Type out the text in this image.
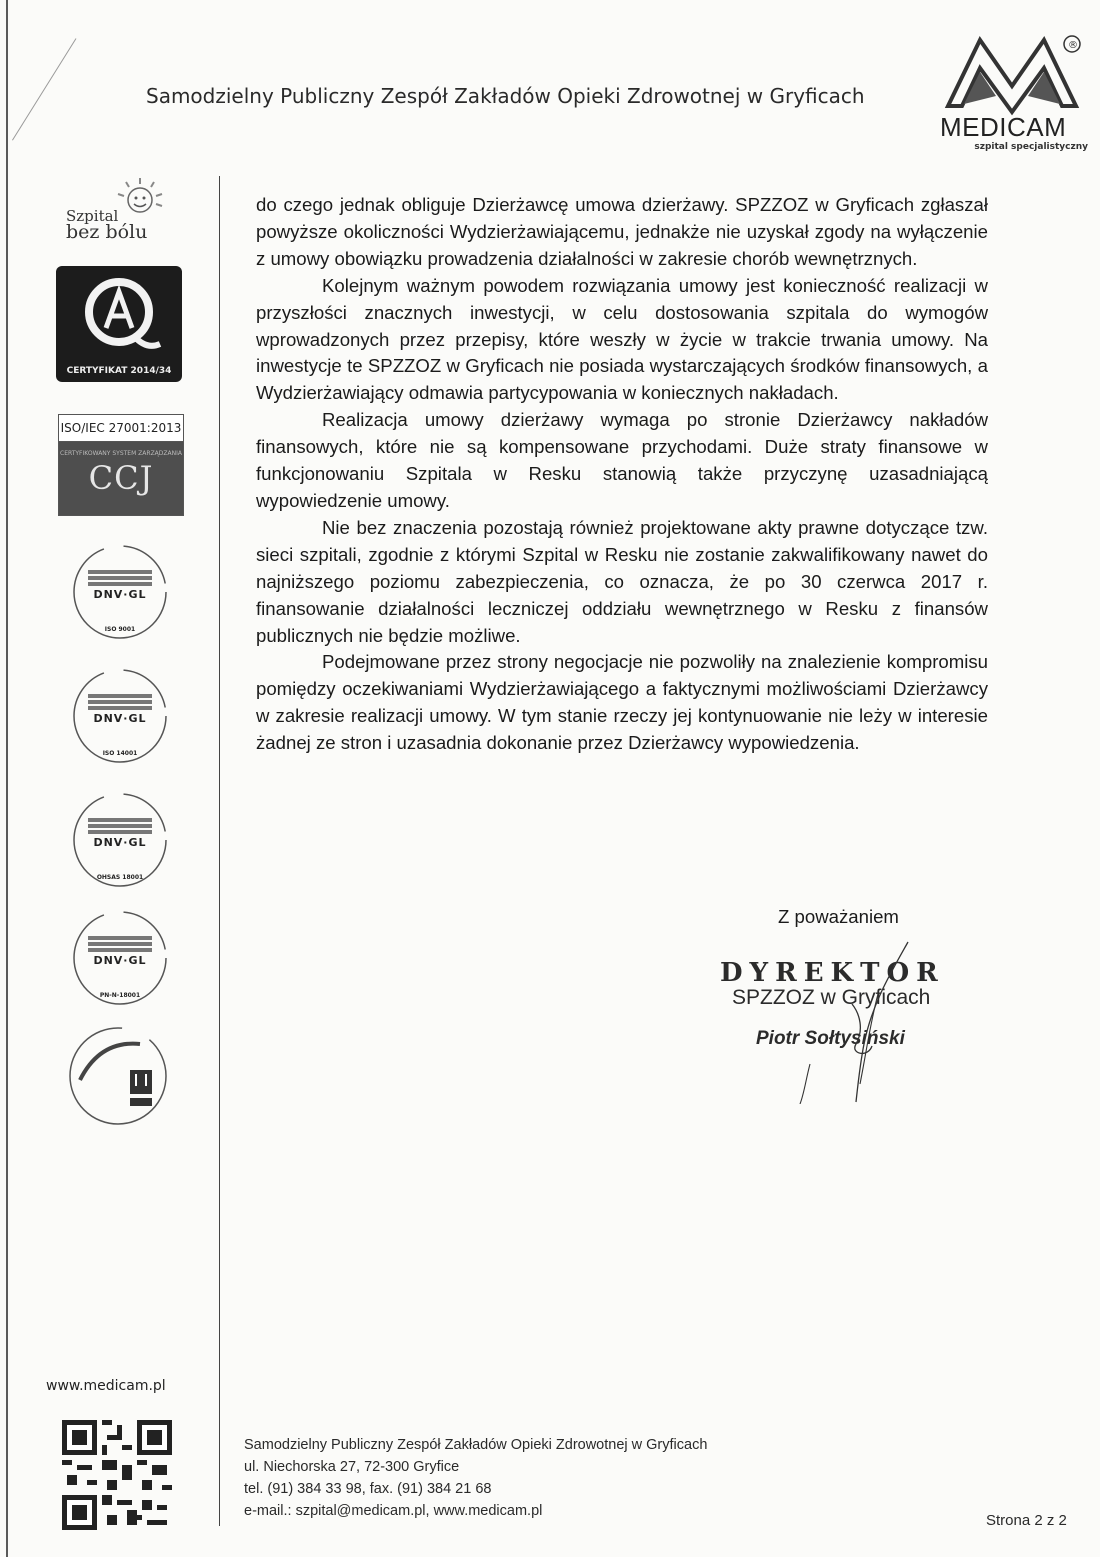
Samodzielny Publiczny Zespół Zakładów Opieki Zdrowotnej w Gryficach
®
MEDICAM
szpital specjalistyczny
Szpital
bez bólu
CERTYFIKAT 2014/34
ISO/IEC 27001:2013
CERTYFIKOWANY SYSTEM ZARZĄDZANIA
CCJ
DNV·GL
ISO 9001
DNV·GL
ISO 14001
DNV·GL
OHSAS 18001
DNV·GL
PN-N-18001
www.medicam.pl

do czego jednak obliguje Dzierżawcę umowa dzierżawy. SPZZOZ w Gryficach zgłaszał powyższe okoliczności Wydzierżawiającemu, jednakże nie uzyskał zgody na wyłączenie z umowy obowiązku prowadzenia działalności w zakresie chorób wewnętrznych.

Kolejnym ważnym powodem rozwiązania umowy jest konieczność realizacji w przyszłości znacznych inwestycji, w celu dostosowania szpitala do wymogów wprowadzonych przez przepisy, które weszły w życie w trakcie trwania umowy. Na inwestycje te SPZZOZ w Gryficach nie posiada wystarczających środków finansowych, a Wydzierżawiający odmawia partycypowania w koniecznych nakładach.

Realizacja umowy dzierżawy wymaga po stronie Dzierżawcy nakładów finansowych, które nie są kompensowane przychodami. Duże straty finansowe w funkcjonowaniu Szpitala w Resku stanowią także przyczynę uzasadniającą wypowiedzenie umowy.

Nie bez znaczenia pozostają również projektowane akty prawne dotyczące tzw. sieci szpitali, zgodnie z którymi Szpital w Resku nie zostanie zakwalifikowany nawet do najniższego poziomu zabezpieczenia, co oznacza, że po 30 czerwca 2017 r. finansowanie działalności leczniczej oddziału wewnętrznego w Resku z finansów publicznych nie będzie możliwe.

Podejmowane przez strony negocjacje nie pozwoliły na znalezienie kompromisu pomiędzy oczekiwaniami Wydzierżawiającego a faktycznymi możliwościami Dzierżawcy w zakresie realizacji umowy. W tym stanie rzeczy jej kontynuowanie nie leży w interesie żadnej ze stron i uzasadnia dokonanie przez Dzierżawcy wypowiedzenia.

Z poważaniem
DYREKTOR
SPZZOZ w Gryficach
Piotr Sołtysiński
Samodzielny Publiczny Zespół Zakładów Opieki Zdrowotnej w Gryficach
ul. Niechorska 27, 72-300 Gryfice
tel. (91) 384 33 98, fax. (91) 384 21 68
e-mail.: szpital@medicam.pl, www.medicam.pl
Strona 2 z 2
